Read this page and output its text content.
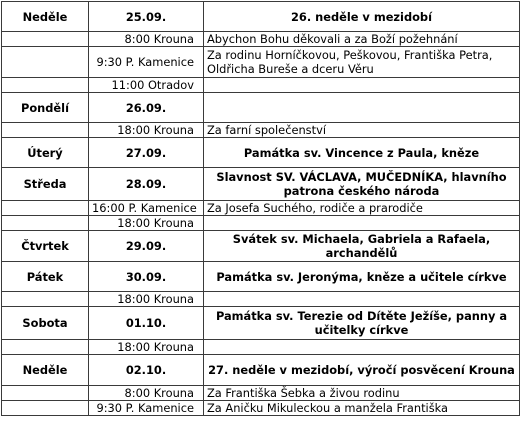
Neděle	25.09.	26. neděle v mezidobí
	8:00 Krouna	Abychon Bohu děkovali a za Boží požehnání
	9:30 P. Kamenice	Za rodinu Horníčkovou, Peškovou, Františka Petra, Oldřicha Bureše a dceru Věru
	11:00 Otradov	
Pondělí	26.09.	
	18:00 Krouna	Za farní společenství
Úterý	27.09.	Památka sv. Vincence z Paula, kněze
Středa	28.09.	Slavnost SV. VÁCLAVA, MUČEDNÍKA, hlavního patrona českého národa
	16:00 P. Kamenice	Za Josefa Suchého, rodiče a prarodiče
	18:00 Krouna	
Čtvrtek	29.09.	Svátek sv. Michaela, Gabriela a Rafaela, archandělů
Pátek	30.09.	Památka sv. Jeronýma, kněze a učitele církve
	18:00 Krouna	
Sobota	01.10.	Památka sv. Terezie od Dítěte Ježíše, panny a učitelky církve
	18:00 Krouna	
Neděle	02.10.	27. neděle v mezidobí, výročí posvěcení Krouna
	8:00 Krouna	Za Františka Šebka a živou rodinu
	9:30 P. Kamenice	Za Aničku Mikuleckou a manžela Františka
